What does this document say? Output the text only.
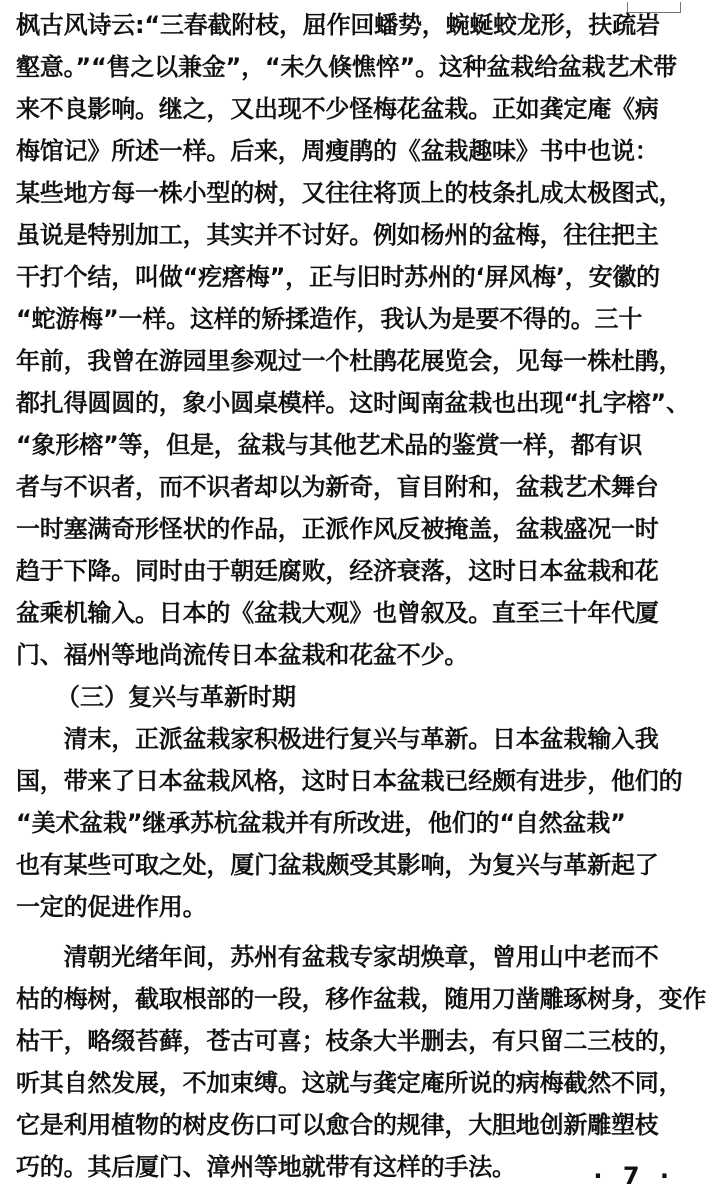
枫古风诗云:“三春截附枝，屈作回蟠势，蜿蜒蛟龙形，扶疏岩
壑意。”“售之以兼金”，“未久倏憔悴”。这种盆栽给盆栽艺术带
来不良影响。继之，又出现不少怪梅花盆栽。正如龚定庵《病
梅馆记》所述一样。后来，周瘦鹃的《盆栽趣味》书中也说：
某些地方每一株小型的树，又往往将顶上的枝条扎成太极图式，
虽说是特别加工，其实并不讨好。例如杨州的盆梅，往往把主
干打个结，叫做“疙瘩梅”，正与旧时苏州的‘屏风梅’，安徽的
“蛇游梅”一样。这样的矫揉造作，我认为是要不得的。三十
年前，我曾在游园里参观过一个杜鹃花展览会，见每一株杜鹃，
都扎得圆圆的，象小圆桌模样。这时闽南盆栽也出现“扎字榕”、
“象形榕”等，但是，盆栽与其他艺术品的鉴赏一样，都有识
者与不识者，而不识者却以为新奇，盲目附和，盆栽艺术舞台
一时塞满奇形怪状的作品，正派作风反被掩盖，盆栽盛况一时
趋于下降。同时由于朝廷腐败，经济衰落，这时日本盆栽和花
盆乘机输入。日本的《盆栽大观》也曾叙及。直至三十年代厦
门、福州等地尚流传日本盆栽和花盆不少。
（三）复兴与革新时期
　　清末，正派盆栽家积极进行复兴与革新。日本盆栽输入我
国，带来了日本盆栽风格，这时日本盆栽已经颇有进步，他们的
“美术盆栽”继承苏杭盆栽并有所改进，他们的“自然盆栽”
也有某些可取之处，厦门盆栽颇受其影响，为复兴与革新起了
一定的促进作用。
　　清朝光绪年间，苏州有盆栽专家胡焕章，曾用山中老而不
枯的梅树，截取根部的一段，移作盆栽，随用刀凿雕琢树身，变作
枯干，略缀苔藓，苍古可喜；枝条大半删去，有只留二三枝的，
听其自然发展，不加束缚。这就与龚定庵所说的病梅截然不同，
它是利用植物的树皮伤口可以愈合的规律，大胆地创新雕塑枝
巧的。其后厦门、漳州等地就带有这样的手法。	· 7 ·
